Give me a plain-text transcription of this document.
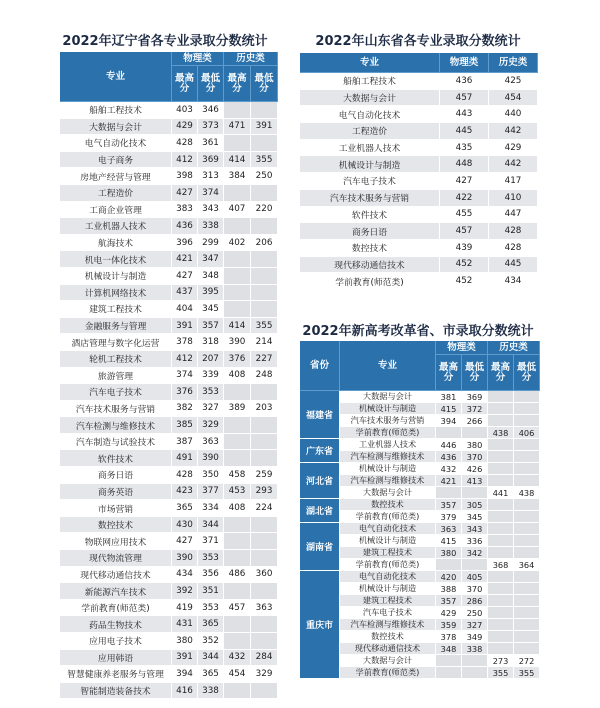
2022年辽宁省各专业录取分数统计
专业	物理类		历史类	

	最高分	最低分	最高分	最低分

船舶工程技术	403	346		
大数据与会计	429	373	471	391
电气自动化技术	428	361		
电子商务	412	369	414	355
房地产经营与管理	398	313	384	250
工程造价	427	374		
工商企业管理	383	343	407	220
工业机器人技术	436	338		
航海技术	396	299	402	206
机电一体化技术	421	347		
机械设计与制造	427	348		
计算机网络技术	437	395		
建筑工程技术	404	345		
金融服务与管理	391	357	414	355
酒店管理与数字化运营	378	318	390	214
轮机工程技术	412	207	376	227
旅游管理	374	339	408	248
汽车电子技术	376	353		
汽车技术服务与营销	382	327	389	203
汽车检测与维修技术	385	329		
汽车制造与试验技术	387	363		
软件技术	491	390		
商务日语	428	350	458	259
商务英语	423	377	453	293
市场营销	365	334	408	224
数控技术	430	344		
物联网应用技术	427	371		
现代物流管理	390	353		
现代移动通信技术	434	356	486	360
新能源汽车技术	392	351		
学前教育(师范类)	419	353	457	363
药品生物技术	431	365		
应用电子技术	380	352		
应用韩语	391	344	432	284
智慧健康养老服务与管理	394	365	454	329
智能制造装备技术	416	338		
2022年山东省各专业录取分数统计
专业	物理类	历史类
船舶工程技术	436	425
大数据与会计	457	454
电气自动化技术	443	440
工程造价	445	442
工业机器人技术	435	429
机械设计与制造	448	442
汽车电子技术	427	417
汽车技术服务与营销	422	410
软件技术	455	447
商务日语	457	428
数控技术	439	428
现代移动通信技术	452	445
学前教育(师范类)	452	434
2022年新高考改革省、市录取分数统计
省份	专业	物理类		历史类	

		最高分	最低分	最高分	最低分

福建省	大数据与会计	381	369		
	机械设计与制造	415	372		
	汽车技术服务与营销	394	266		
	学前教育(师范类)			438	406
广东省	工业机器人技术	446	380		
	汽车检测与维修技术	436	370		
河北省	机械设计与制造	432	426		
	汽车检测与维修技术	421	413		
	大数据与会计			441	438
湖北省	数控技术	357	305		
	学前教育(师范类)	379	345		
湖南省	电气自动化技术	363	343		
	机械设计与制造	415	336		
	建筑工程技术	380	342		
	学前教育(师范类)			368	364
重庆市	电气自动化技术	420	405		
	机械设计与制造	388	370		
	建筑工程技术	357	286		
	汽车电子技术	429	250		
	汽车检测与维修技术	359	327		
	数控技术	378	349		
	现代移动通信技术	348	338		
	大数据与会计			273	272
	学前教育(师范类)			355	355
